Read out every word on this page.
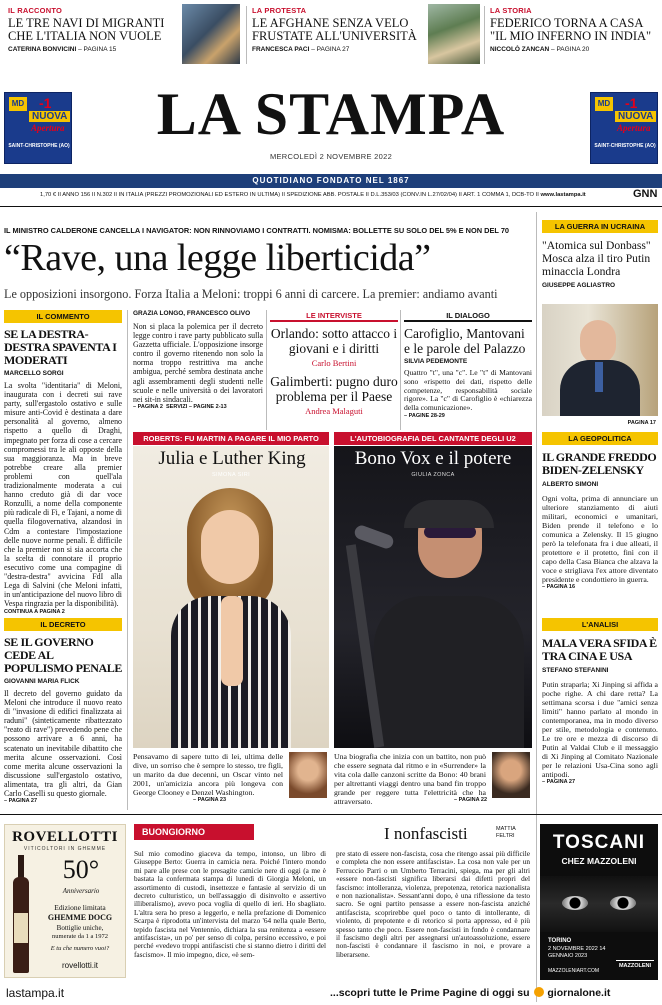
IL RACCONTO
LE TRE NAVI DI MIGRANTI CHE L'ITALIA NON VUOLE
CATERINA BONVICINI – PAGINA 15
LA PROTESTA
LE AFGHANE SENZA VELO FRUSTATE ALL'UNIVERSITÀ
FRANCESCA PACI – PAGINA 27
LA STORIA
FEDERICO TORNA A CASA "IL MIO INFERNO IN INDIA"
NICCOLÒ ZANCAN – PAGINA 20
MD -1
NUOVA
Apertura
SAINT-CHRISTOPHE (AO)
MD -1
NUOVA
Apertura
SAINT-CHRISTOPHE (AO)
LA STAMPA
MERCOLEDÌ 2 NOVEMBRE 2022
QUOTIDIANO FONDATO NEL 1867
1,70 € II ANNO 156 II N.302 II IN ITALIA (PREZZI PROMOZIONALI ED ESTERO IN ULTIMA) II SPEDIZIONE ABB. POSTALE II D.L.353/03 (CONV.IN L.27/02/04) II ART. 1 COMMA 1, DCB-TO II www.lastampa.it	GNN
IL MINISTRO CALDERONE CANCELLA I NAVIGATOR: NON RINNOVIAMO I CONTRATTI. NOMISMA: BOLLETTE SU SOLO DEL 5% E NON DEL 70
“Rave, una legge liberticida”
Le opposizioni insorgono. Forza Italia a Meloni: troppi 6 anni di carcere. La premier: andiamo avanti
IL COMMENTO
SE LA DESTRA-DESTRA SPAVENTA I MODERATI
MARCELLO SORGI
La svolta "identitaria" di Meloni, inaugurata con i decreti sui rave party, sull'ergastolo ostativo e sulle misure anti-Covid è destinata a dare personalità al governo, almeno rispetto a quello di Draghi, impegnato per forza di cose a cercare compromessi tra le ali opposte della sua maggioranza. Ma in breve potrebbe creare alla premier problemi con quell'ala tradizionalmente moderata a cui hanno creduto già di dar voce Ronzulli, a nome della componente più radicale di Fi, e Tajani, a nome di quella filogovernativa, alzandosi in Cdm a contestare l'impostazione delle nuove norme penali. È difficile che la premier non si sia accorta che la scelta di connotare il proprio esecutivo come una compagine di "destra-destra" avvicina FdI alla Lega di Salvini (che Meloni infatti, in un'anticipazione del nuovo libro di Vespa ringrazia per la disponibilità).
CONTINUA A PAGINA 2
IL DECRETO
SE IL GOVERNO CEDE AL POPULISMO PENALE
GIOVANNI MARIA FLICK
Il decreto del governo guidato da Meloni che introduce il nuovo reato di "invasione di edifici finalizzata ai raduni" (sinteticamente ribattezzato "reato di rave") prevedendo pene che possono arrivare a 6 anni, ha scatenato un inevitabile dibattito che merita alcune osservazioni. Così come merita alcune osservazioni la discussione sull'ergastolo ostativo, alimentata, tra gli altri, da Gian Carlo Caselli su questo giornale.
– PAGINA 27
GRAZIA LONGO, FRANCESCO OLIVO
Non si placa la polemica per il decreto legge contro i rave party pubblicato sulla Gazzetta ufficiale. L'opposizione insorge contro il governo ritenendo non solo la norma troppo restrittiva ma anche ambigua, perché sembra destinata anche agli assembramenti degli studenti nelle scuole e nelle università o dei lavoratori nei sit-in sindacali.
– PAGINA 2 SERVIZI – PAGINE 2-13
LE INTERVISTE
Orlando: sotto attacco i giovani e i diritti
Carlo Bertini
Galimberti: pugno duro problema per il Paese
Andrea Malaguti
IL DIALOGO
Carofiglio, Mantovani e le parole del Palazzo
SILVIA PEDEMONTE
Quattro "t", una "c". Le "t" di Mantovani sono «rispetto dei dati, rispetto delle competenze, responsabilità sociale rigore». La "c" di Carofiglio è «chiarezza della comunicazione».
– PAGINE 28-29
ROBERTS: FU MARTIN A PAGARE IL MIO PARTO
Julia e Luther King
SIMONA SIRI
Pensavamo di sapere tutto di lei, ultima delle dive, un sorriso che è sempre lo stesso, tre figli, un marito da due decenni, un Oscar vinto nel 2001, un'amicizia ancora più longeva con George Clooney e Denzel Washington.
– PAGINA 23
L'AUTOBIOGRAFIA DEL CANTANTE DEGLI U2
Bono Vox e il potere
GIULIA ZONCA
Una biografia che inizia con un battito, non può che essere segnata dal ritmo e in «Surrender» la vita cola dalle canzoni scritte da Bono: 40 brani per altrettanti viaggi dentro una band fin troppo grande per reggere tutta l'elettricità che ha attraversato.	– PAGINA 22
LA GUERRA IN UCRAINA
"Atomica sul Donbass" Mosca alza il tiro Putin minaccia Londra
GIUSEPPE AGLIASTRO
PAGINA 17
LA GEOPOLITICA
IL GRANDE FREDDO BIDEN-ZELENSKY
ALBERTO SIMONI
Ogni volta, prima di annunciare un ulteriore stanziamento di aiuti militari, economici e umanitari, Biden prende il telefono e lo comunica a Zelensky. Il 15 giugno però la telefonata fra i due alleati, il protettore e il protetto, finì con il capo della Casa Bianca che alzava la voce e strigliava l'ex attore diventato presidente e condottiero in guerra.
– PAGINA 16
L'ANALISI
MALA VERA SFIDA È TRA CINA E USA
STEFANO STEFANINI
Putin straparla; Xi Jinping si affida a poche righe. A chi dare retta? La settimana scorsa i due "amici senza limiti" hanno parlato al mondo in contemporanea, ma in modo diverso per stile, metodologia e contenuto. Le tre ore e mezza di discorso di Putin al Valdai Club e il messaggio di Xi Jinping al Comitato Nazionale per le relazioni Usa-Cina sono agli antipodi.
– PAGINA 27
ROVELLOTTI
VITICOLTORI IN GHEMME
50°
Anniversario
Edizione limitata
GHEMME DOCG
Bottiglie uniche,
numerate da 1 a 1972
E tu che numero vuoi?
rovellotti.it
BUONGIORNO	I nonfascisti	MATTIA FELTRI
Sul mio comodino giaceva da tempo, intonso, un libro di Giuseppe Berto: Guerra in camicia nera. Poiché l'intero mondo mi pare alle prese con le presagite camicie nere di oggi (a me è bastata la confermata stampa di lunedì di Giorgia Meloni, un assortimento di custodi, insettezze e fantasie al servizio di un decreto culturistico, un bell'assaggio di disinvolto e assertivo illiberalismo), avevo poca voglia di quello di ieri. Ho sbagliato. L'altra sera ho preso a leggerlo, e nella prefazione di Domenico Scarpa è riprodotta un'intervista del marzo '64 nella quale Berto, tepido fascista nel Ventennio, dichiara la sua renitenza a «essere antifascista», un po' per senso di colpa, persino eccessivo, e poi perché «vedevo troppi antifascisti che si stanno dietro i diritti del fascismo». Il mio impegno, dice, «è sem-
pre stato di essere non-fascista, cosa che ritengo assai più difficile e completa che non essere antifascista». La cosa non vale per un Ferruccio Parri o un Umberto Terracini, spiega, ma per gli altri «essere non-fascisti significa liberarsi dai difetti propri del fascismo: intolleranza, violenza, prepotenza, retorica nazionalista e non nazionalista». Sessant'anni dopo, è una riflessione da testo sacro. Se ogni partito pensasse a essere non-fascista anziché antifascista, scoprirebbe quel poco o tanto di intollerante, di violento, di prepotente e di retorico si porta appresso, ed è più spesso tanto che poco. Essere non-fascisti in fondo è condannare il fascismo degli altri per assegnarsi un'autoassoluzione, essere non-fascisti è condannare il fascismo in noi, e provare a liberarsene.
TOSCANI
CHEZ MAZZOLENI
TORINO
2 NOVEMBRE 2022 14 GENNAIO 2023
MAZZOLENIART.COM
MAZZOLENI
lastampa.it	...scopri tutte le Prime Pagine di oggi su giornalone.it
